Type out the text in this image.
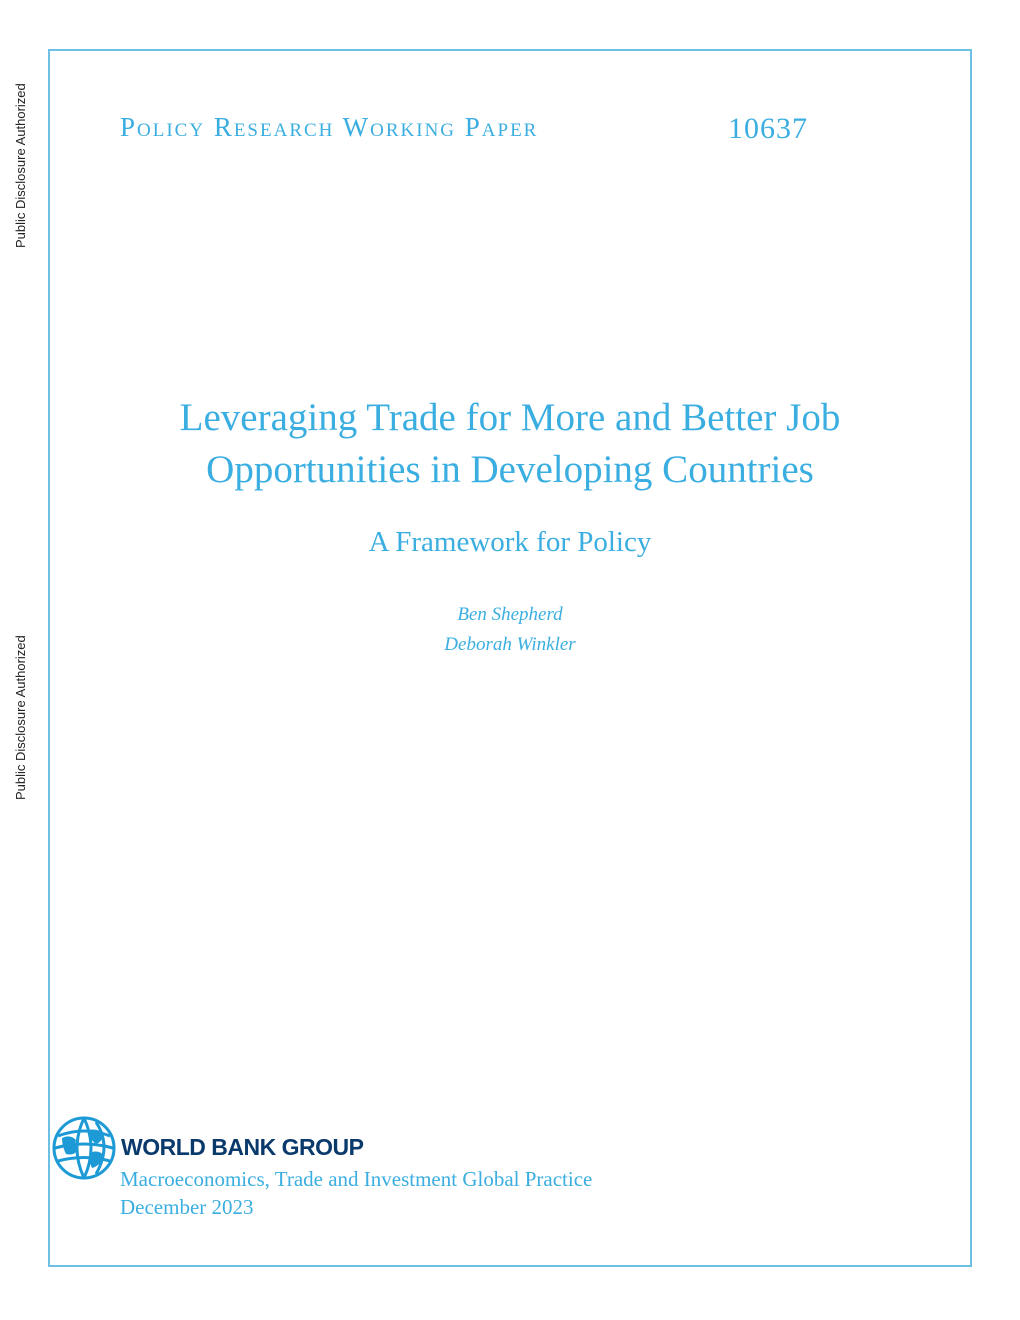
Public Disclosure Authorized
Public Disclosure Authorized
Policy Research Working Paper	10637
Leveraging Trade for More and Better Job
Opportunities in Developing Countries
A Framework for Policy
Ben Shepherd
Deborah Winkler
WORLD BANK GROUP
Macroeconomics, Trade and Investment Global Practice
December 2023
